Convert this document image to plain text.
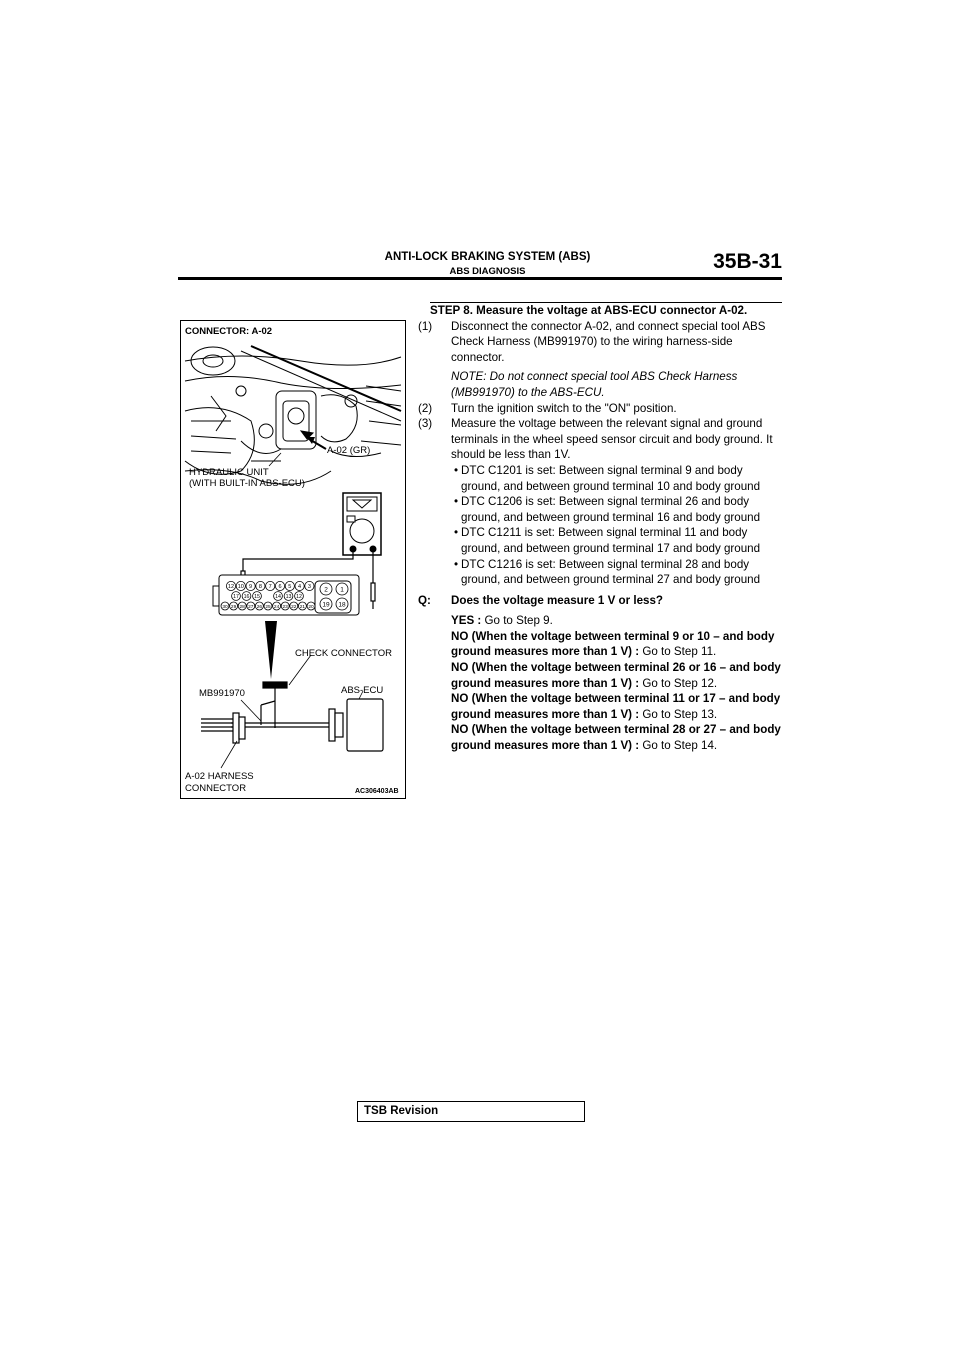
ANTI-LOCK BRAKING SYSTEM (ABS)
ABS DIAGNOSIS	35B-31
CONNECTOR: A-02
12 10 9 8 7 6 5 4 3
17 16 15	14 13 12
30 29 28 27 26 25 24 23 22 21 20
2 1
19 18
A-02 (GR)
HYDRAULIC UNIT
(WITH BUILT-IN ABS-ECU)
CHECK CONNECTOR
MB991970	ABS-ECU
A-02 HARNESS
CONNECTOR	AC306403AB
STEP 8. Measure the voltage at ABS-ECU connector A-02.
(1)	Disconnect the connector A-02, and connect special tool ABS Check Harness (MB991970) to the wiring harness-side connector.
NOTE: Do not connect special tool ABS Check Harness (MB991970) to the ABS-ECU.
(2)	Turn the ignition switch to the "ON" position.
(3)	Measure the voltage between the relevant signal and ground terminals in the wheel speed sensor circuit and body ground. It should be less than 1V.
• DTC C1201 is set: Between signal terminal 9 and body ground, and between ground terminal 10 and body ground
• DTC C1206 is set: Between signal terminal 26 and body ground, and between ground terminal 16 and body ground
• DTC C1211 is set: Between signal terminal 11 and body ground, and between ground terminal 17 and body ground
• DTC C1216 is set: Between signal terminal 28 and body ground, and between ground terminal 27 and body ground
Q:	Does the voltage measure 1 V or less?
YES : Go to Step 9.
NO (When the voltage between terminal 9 or 10 – and body ground measures more than 1 V) : Go to Step 11.
NO (When the voltage between terminal 26 or 16 – and body ground measures more than 1 V) : Go to Step 12.
NO (When the voltage between terminal 11 or 17 – and body ground measures more than 1 V) : Go to Step 13.
NO (When the voltage between terminal 28 or 27 – and body ground measures more than 1 V) : Go to Step 14.
TSB Revision
